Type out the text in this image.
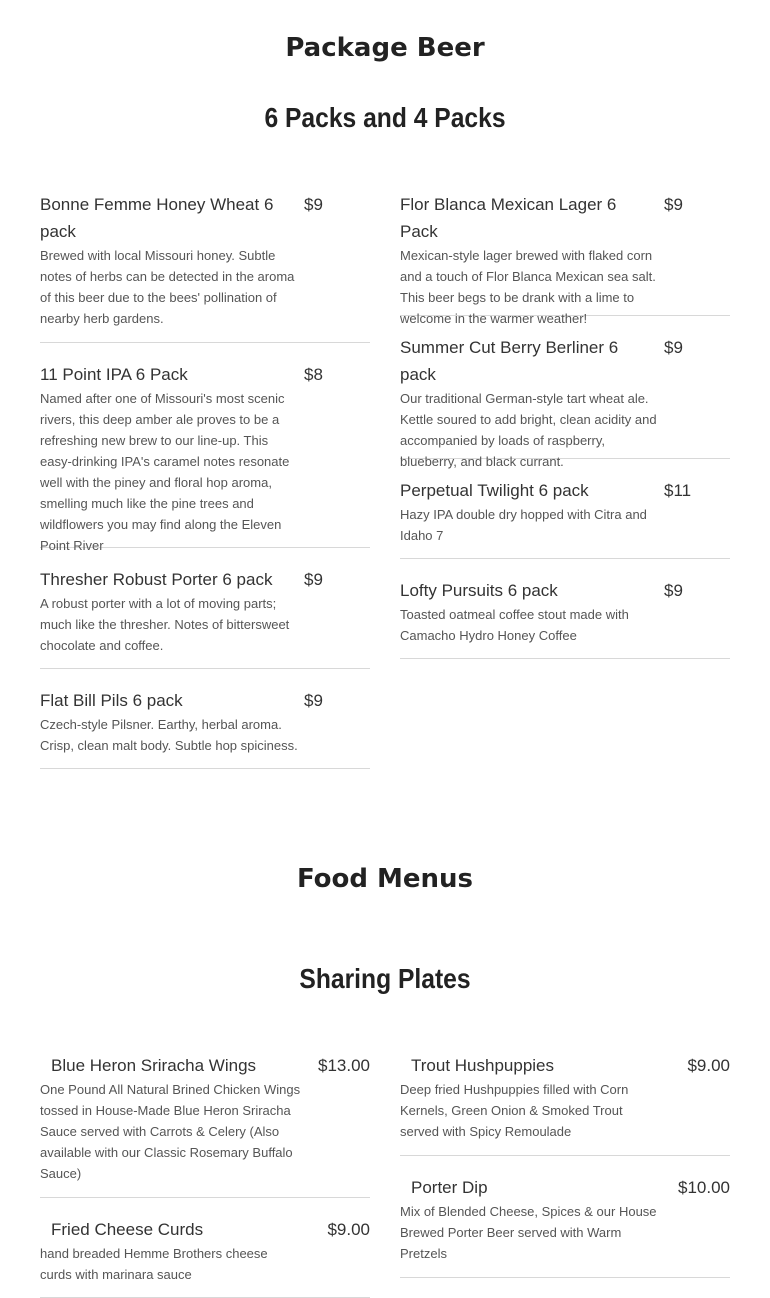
Package Beer
6 Packs and 4 Packs
Bonne Femme Honey Wheat 6 pack
$9
Brewed with local Missouri honey. Subtle notes of herbs can be detected in the aroma of this beer due to the bees' pollination of nearby herb gardens.
11 Point IPA 6 Pack	$8
Named after one of Missouri's most scenic rivers, this deep amber ale proves to be a refreshing new brew to our line-up. This easy-drinking IPA's caramel notes resonate well with the piney and floral hop aroma, smelling much like the pine trees and wildflowers you may find along the Eleven Point River
Thresher Robust Porter 6 pack	$9
A robust porter with a lot of moving parts; much like the thresher. Notes of bittersweet chocolate and coffee.
Flat Bill Pils 6 pack	$9
Czech-style Pilsner. Earthy, herbal aroma. Crisp, clean malt body. Subtle hop spiciness.
Flor Blanca Mexican Lager 6 Pack
$9
Mexican-style lager brewed with flaked corn and a touch of Flor Blanca Mexican sea salt. This beer begs to be drank with a lime to welcome in the warmer weather!
Summer Cut Berry Berliner 6 pack
$9
Our traditional German-style tart wheat ale. Kettle soured to add bright, clean acidity and accompanied by loads of raspberry, blueberry, and black currant.
Perpetual Twilight 6 pack	$11
Hazy IPA double dry hopped with Citra and Idaho 7
Lofty Pursuits 6 pack	$9
Toasted oatmeal coffee stout made with Camacho Hydro Honey Coffee
Food Menus
Sharing Plates
Blue Heron Sriracha Wings	$13.00
One Pound All Natural Brined Chicken Wings tossed in House-Made Blue Heron Sriracha Sauce served with Carrots & Celery (Also available with our Classic Rosemary Buffalo Sauce)
Fried Cheese Curds	$9.00
hand breaded Hemme Brothers cheese curds with marinara sauce
Trout Hushpuppies	$9.00
Deep fried Hushpuppies filled with Corn Kernels, Green Onion & Smoked Trout served with Spicy Remoulade
Porter Dip	$10.00
Mix of Blended Cheese, Spices & our House Brewed Porter Beer served with Warm Pretzels
